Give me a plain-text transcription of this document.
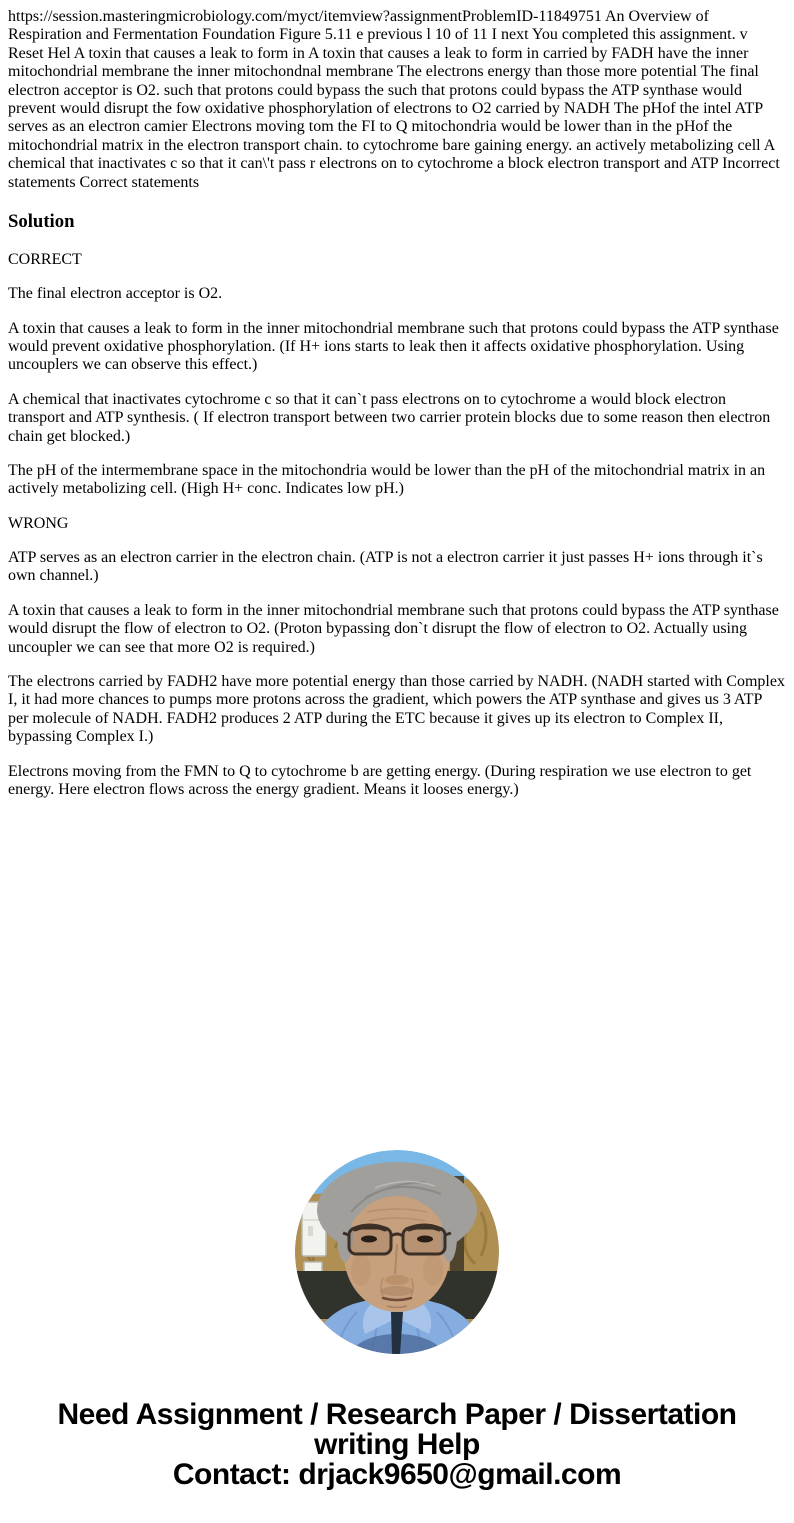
https://session.masteringmicrobiology.com/myct/itemview?assignmentProblemID-11849751 An Overview of Respiration and Fermentation Foundation Figure 5.11 e previous l 10 of 11 I next You completed this assignment. v Reset Hel A toxin that causes a leak to form in A toxin that causes a leak to form in carried by FADH have the inner mitochondrial membrane the inner mitochondnal membrane The electrons energy than those more potential The final electron acceptor is O2. such that protons could bypass the such that protons could bypass the ATP synthase would prevent would disrupt the fow oxidative phosphorylation of electrons to O2 carried by NADH The pHof the intel ATP serves as an electron camier Electrons moving tom the FI to Q mitochondria would be lower than in the pHof the mitochondrial matrix in the electron transport chain. to cytochrome bare gaining energy. an actively metabolizing cell A chemical that inactivates c so that it can\'t pass r electrons on to cytochrome a block electron transport and ATP Incorrect statements Correct statements

Solution

CORRECT

The final electron acceptor is O2.

A toxin that causes a leak to form in the inner mitochondrial membrane such that protons could bypass the ATP synthase would prevent oxidative phosphorylation. (If H+ ions starts to leak then it affects oxidative phosphorylation. Using uncouplers we can observe this effect.)

A chemical that inactivates cytochrome c so that it can`t pass electrons on to cytochrome a would block electron transport and ATP synthesis. ( If electron transport between two carrier protein blocks due to some reason then electron chain get blocked.)

The pH of the intermembrane space in the mitochondria would be lower than the pH of the mitochondrial matrix in an actively metabolizing cell. (High H+ conc. Indicates low pH.)

WRONG

ATP serves as an electron carrier in the electron chain. (ATP is not a electron carrier it just passes H+ ions through it`s own channel.)

A toxin that causes a leak to form in the inner mitochondrial membrane such that protons could bypass the ATP synthase would disrupt the flow of electron to O2. (Proton bypassing don`t disrupt the flow of electron to O2. Actually using uncoupler we can see that more O2 is required.)

The electrons carried by FADH2 have more potential energy than those carried by NADH. (NADH started with Complex I, it had more chances to pumps more protons across the gradient, which powers the ATP synthase and gives us 3 ATP per molecule of NADH. FADH2 produces 2 ATP during the ETC because it gives up its electron to Complex II, bypassing Complex I.)

Electrons moving from the FMN to Q to cytochrome b are getting energy. (During respiration we use electron to get energy. Here electron flows across the energy gradient. Means it looses energy.)

Need Assignment / Research Paper / Dissertation writing Help
Contact: drjack9650@gmail.com
